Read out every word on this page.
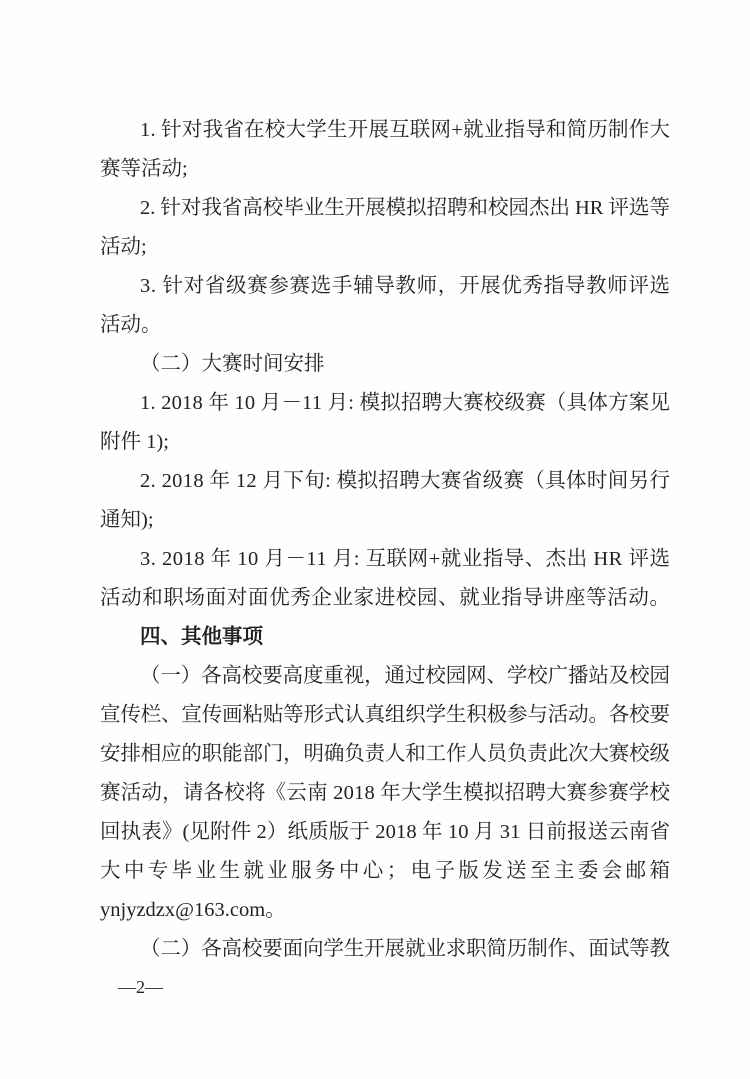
1. 针对我省在校大学生开展互联网+就业指导和简历制作大
赛等活动;
2. 针对我省高校毕业生开展模拟招聘和校园杰出 HR 评选等
活动;
3. 针对省级赛参赛选手辅导教师，开展优秀指导教师评选
活动。
（二）大赛时间安排
1. 2018 年 10 月－11 月: 模拟招聘大赛校级赛（具体方案见
附件 1);
2. 2018 年 12 月下旬: 模拟招聘大赛省级赛（具体时间另行
通知);
3. 2018 年 10 月－11 月: 互联网+就业指导、杰出 HR 评选
活动和职场面对面优秀企业家进校园、就业指导讲座等活动。
四、其他事项
（一）各高校要高度重视，通过校园网、学校广播站及校园
宣传栏、宣传画粘贴等形式认真组织学生积极参与活动。各校要
安排相应的职能部门，明确负责人和工作人员负责此次大赛校级
赛活动，请各校将《云南 2018 年大学生模拟招聘大赛参赛学校
回执表》(见附件 2）纸质版于 2018 年 10 月 31 日前报送云南省
大中专毕业生就业服务中心；电子版发送至主委会邮箱
ynjyzdzx@163.com。
（二）各高校要面向学生开展就业求职简历制作、面试等教
—2—
